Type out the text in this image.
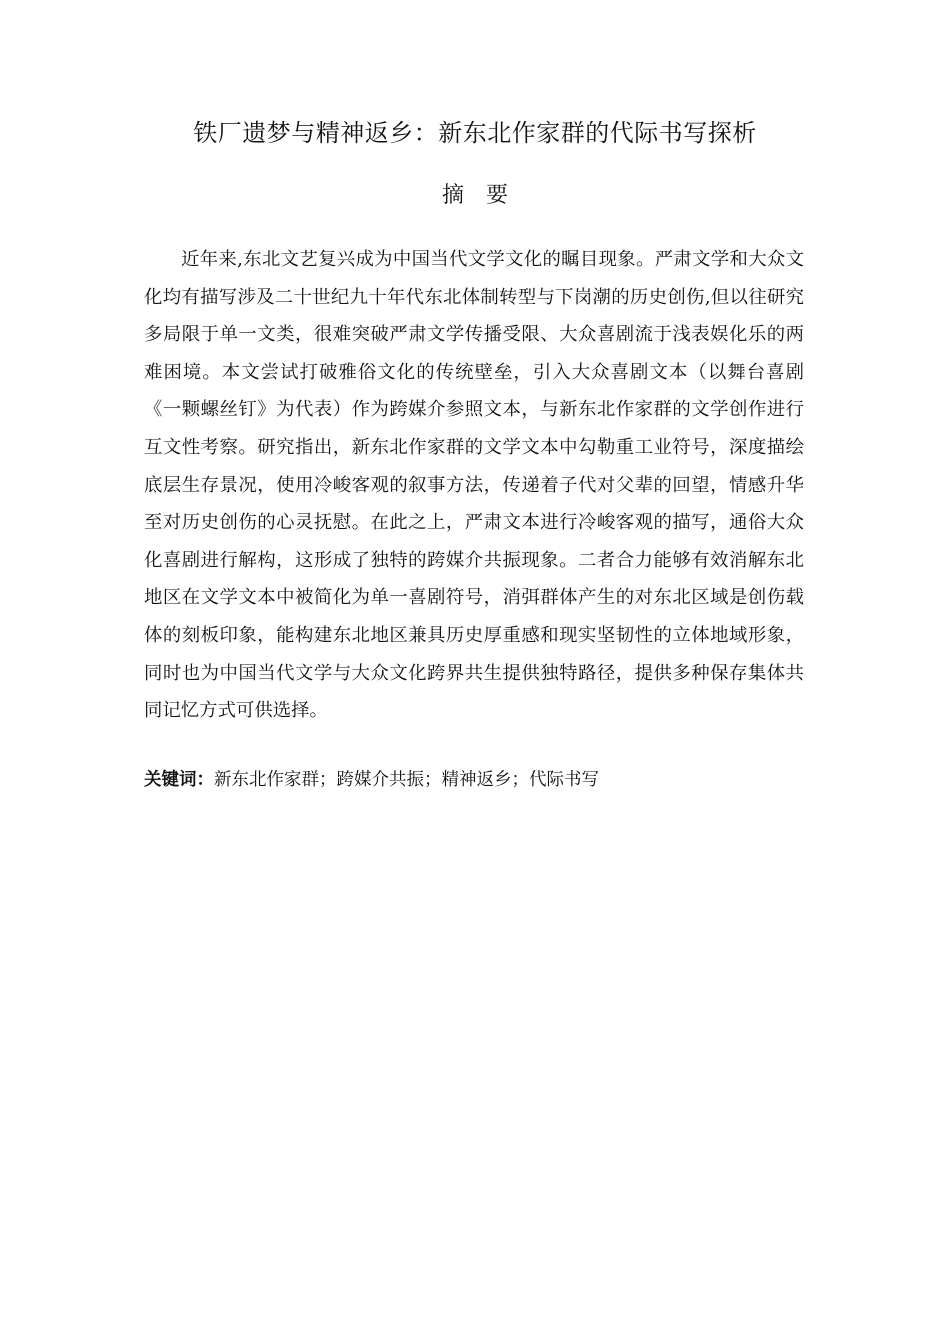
铁厂遗梦与精神返乡：新东北作家群的代际书写探析
摘　要

近年来,东北文艺复兴成为中国当代文学文化的瞩目现象。严肃文学和大众文化均有描写涉及二十世纪九十年代东北体制转型与下岗潮的历史创伤,但以往研究多局限于单一文类，很难突破严肃文学传播受限、大众喜剧流于浅表娱化乐的两难困境。本文尝试打破雅俗文化的传统壁垒，引入大众喜剧文本（以舞台喜剧《一颗螺丝钉》为代表）作为跨媒介参照文本，与新东北作家群的文学创作进行互文性考察。研究指出，新东北作家群的文学文本中勾勒重工业符号，深度描绘底层生存景况，使用冷峻客观的叙事方法，传递着子代对父辈的回望，情感升华至对历史创伤的心灵抚慰。在此之上，严肃文本进行冷峻客观的描写，通俗大众化喜剧进行解构，这形成了独特的跨媒介共振现象。二者合力能够有效消解东北地区在文学文本中被简化为单一喜剧符号，消弭群体产生的对东北区域是创伤载体的刻板印象，能构建东北地区兼具历史厚重感和现实坚韧性的立体地域形象，同时也为中国当代文学与大众文化跨界共生提供独特路径，提供多种保存集体共同记忆方式可供选择。

关键词：新东北作家群；跨媒介共振；精神返乡；代际书写
